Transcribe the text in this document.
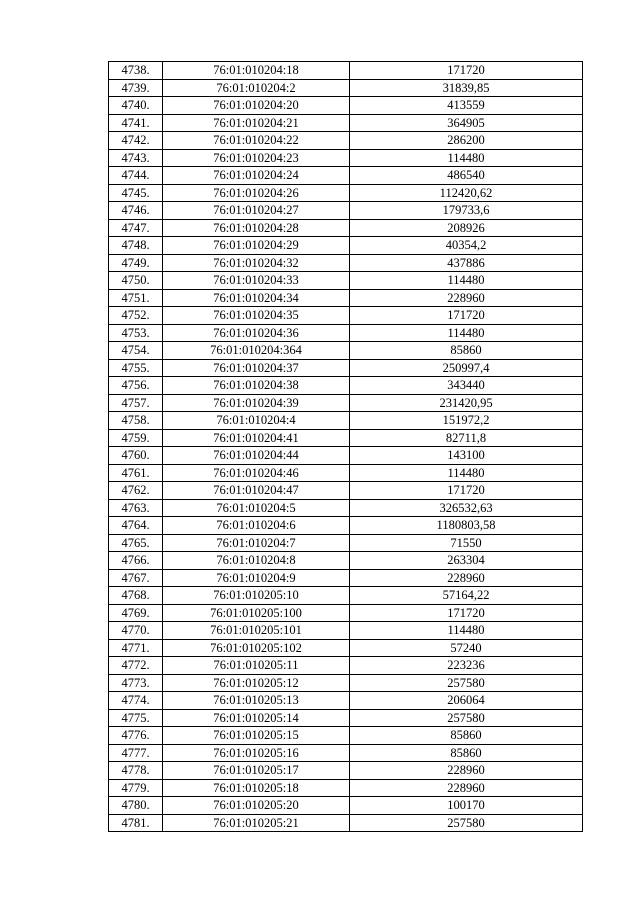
4738.	76:01:010204:18	171720
4739.	76:01:010204:2	31839,85
4740.	76:01:010204:20	413559
4741.	76:01:010204:21	364905
4742.	76:01:010204:22	286200
4743.	76:01:010204:23	114480
4744.	76:01:010204:24	486540
4745.	76:01:010204:26	112420,62
4746.	76:01:010204:27	179733,6
4747.	76:01:010204:28	208926
4748.	76:01:010204:29	40354,2
4749.	76:01:010204:32	437886
4750.	76:01:010204:33	114480
4751.	76:01:010204:34	228960
4752.	76:01:010204:35	171720
4753.	76:01:010204:36	114480
4754.	76:01:010204:364	85860
4755.	76:01:010204:37	250997,4
4756.	76:01:010204:38	343440
4757.	76:01:010204:39	231420,95
4758.	76:01:010204:4	151972,2
4759.	76:01:010204:41	82711,8
4760.	76:01:010204:44	143100
4761.	76:01:010204:46	114480
4762.	76:01:010204:47	171720
4763.	76:01:010204:5	326532,63
4764.	76:01:010204:6	1180803,58
4765.	76:01:010204:7	71550
4766.	76:01:010204:8	263304
4767.	76:01:010204:9	228960
4768.	76:01:010205:10	57164,22
4769.	76:01:010205:100	171720
4770.	76:01:010205:101	114480
4771.	76:01:010205:102	57240
4772.	76:01:010205:11	223236
4773.	76:01:010205:12	257580
4774.	76:01:010205:13	206064
4775.	76:01:010205:14	257580
4776.	76:01:010205:15	85860
4777.	76:01:010205:16	85860
4778.	76:01:010205:17	228960
4779.	76:01:010205:18	228960
4780.	76:01:010205:20	100170
4781.	76:01:010205:21	257580
